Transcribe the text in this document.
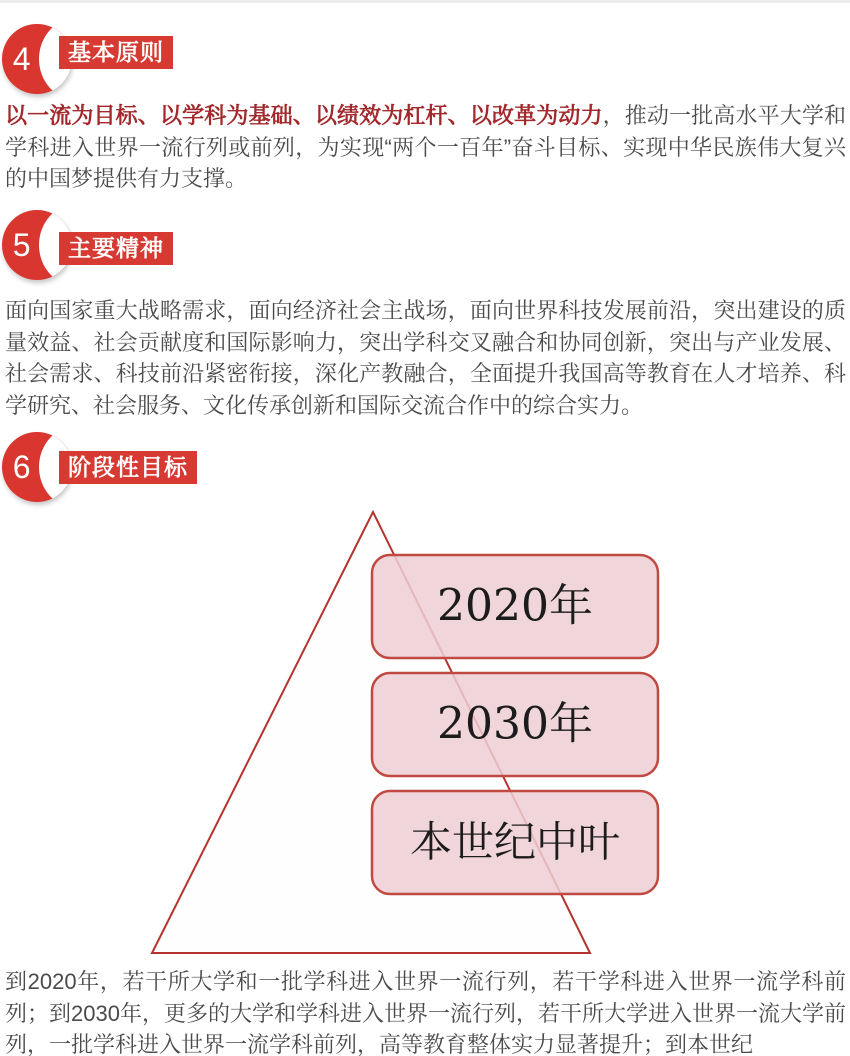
4	基本原则

以一流为目标、以学科为基础、以绩效为杠杆、以改革为动力，推动一批高水平大学和学科进入世界一流行列或前列，为实现“两个一百年”奋斗目标、实现中华民族伟大复兴的中国梦提供有力支撑。

5	主要精神

面向国家重大战略需求，面向经济社会主战场，面向世界科技发展前沿，突出建设的质量效益、社会贡献度和国际影响力，突出学科交叉融合和协同创新，突出与产业发展、社会需求、科技前沿紧密衔接，深化产教融合，全面提升我国高等教育在人才培养、科学研究、社会服务、文化传承创新和国际交流合作中的综合实力。

6	阶段性目标
2020年
2030年
本世纪中叶

到2020年，若干所大学和一批学科进入世界一流行列，若干学科进入世界一流学科前列；到2030年，更多的大学和学科进入世界一流行列，若干所大学进入世界一流大学前列，一批学科进入世界一流学科前列，高等教育整体实力显著提升；到本世纪
